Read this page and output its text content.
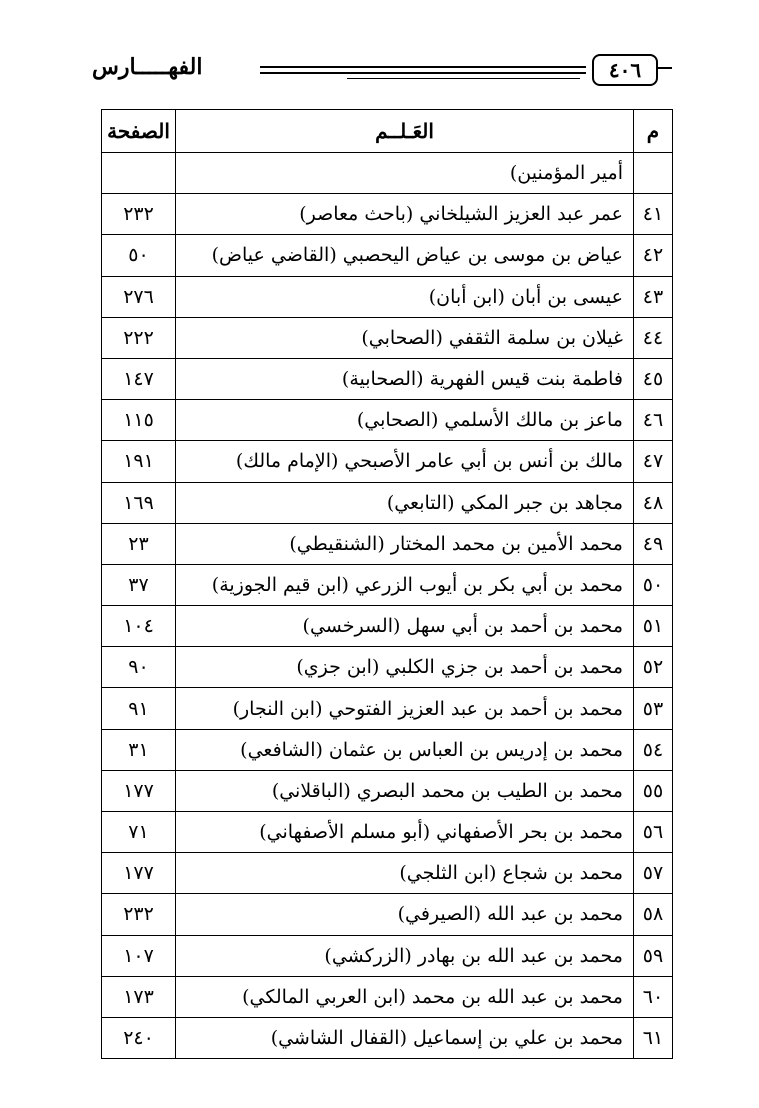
الفهـــــارس	٤٠٦
م	العَـلــم	الصفحة
	أمير المؤمنين)	
٤١	عمر عبد العزيز الشيلخاني (باحث معاصر)	٢٣٢
٤٢	عياض بن موسى بن عياض اليحصبي (القاضي عياض)	٥٠
٤٣	عيسى بن أبان (ابن أبان)	٢٧٦
٤٤	غيلان بن سلمة الثقفي (الصحابي)	٢٢٢
٤٥	فاطمة بنت قيس الفهرية (الصحابية)	١٤٧
٤٦	ماعز بن مالك الأسلمي (الصحابي)	١١٥
٤٧	مالك بن أنس بن أبي عامر الأصبحي (الإمام مالك)	١٩١
٤٨	مجاهد بن جبر المكي (التابعي)	١٦٩
٤٩	محمد الأمين بن محمد المختار (الشنقيطي)	٢٣
٥٠	محمد بن أبي بكر بن أيوب الزرعي (ابن قيم الجوزية)	٣٧
٥١	محمد بن أحمد بن أبي سهل (السرخسي)	١٠٤
٥٢	محمد بن أحمد بن جزي الكلبي (ابن جزي)	٩٠
٥٣	محمد بن أحمد بن عبد العزيز الفتوحي (ابن النجار)	٩١
٥٤	محمد بن إدريس بن العباس بن عثمان (الشافعي)	٣١
٥٥	محمد بن الطيب بن محمد البصري (الباقلاني)	١٧٧
٥٦	محمد بن بحر الأصفهاني (أبو مسلم الأصفهاني)	٧١
٥٧	محمد بن شجاع (ابن الثلجي)	١٧٧
٥٨	محمد بن عبد الله (الصيرفي)	٢٣٢
٥٩	محمد بن عبد الله بن بهادر (الزركشي)	١٠٧
٦٠	محمد بن عبد الله بن محمد (ابن العربي المالكي)	١٧٣
٦١	محمد بن علي بن إسماعيل (القفال الشاشي)	٢٤٠
